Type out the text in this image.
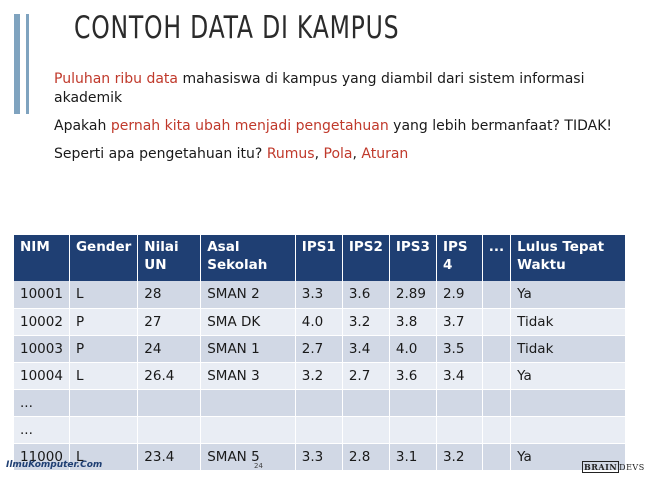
CONTOH DATA DI KAMPUS
Puluhan ribu data mahasiswa di kampus yang diambil dari sistem informasi akademik
Apakah pernah kita ubah menjadi pengetahuan yang lebih bermanfaat? TIDAK!
Seperti apa pengetahuan itu? Rumus, Pola, Aturan
NIM	Gender	Nilai UN	Asal Sekolah	IPS1	IPS2	IPS3	IPS 4	...	Lulus Tepat Waktu
10001	L	28	SMAN 2	3.3	3.6	2.89	2.9		Ya
10002	P	27	SMA DK	4.0	3.2	3.8	3.7		Tidak
10003	P	24	SMAN 1	2.7	3.4	4.0	3.5		Tidak
10004	L	26.4	SMAN 3	3.2	2.7	3.6	3.4		Ya
...									
...									
11000	L	23.4	SMAN 5	3.3	2.8	3.1	3.2		Ya
IlmuKomputer.Com	24	BRAIN DEVS
